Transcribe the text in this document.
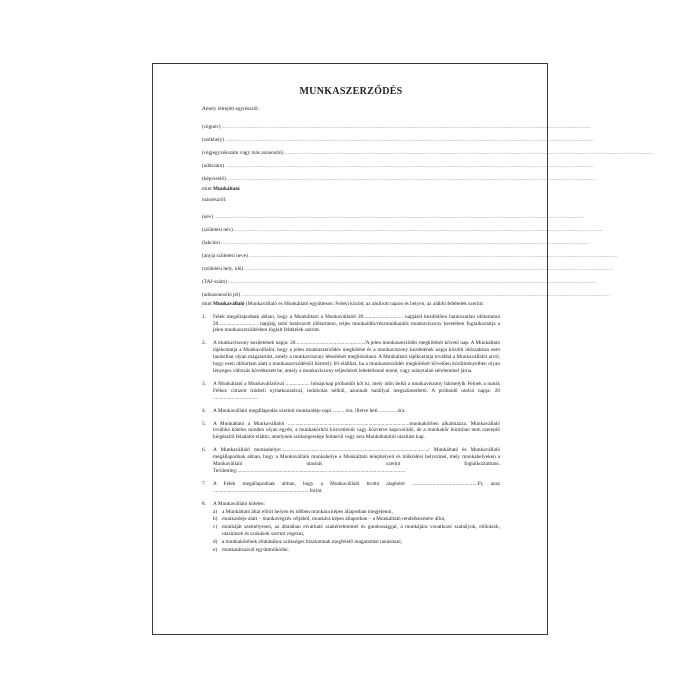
MUNKASZERZŐDÉS
Amely létrejött egyrészről:
(cégnév) ..................................................................................................................................................................................................................................................
(székhely) ..................................................................................................................................................................................................................................................
(cégjegyzékszám vagy más azonosító) ..................................................................................................................................................................................................................................................
(adószám) ..................................................................................................................................................................................................................................................
(képviselő) ..................................................................................................................................................................................................................................................
mint Munkáltató
másrészről:
(név) ..................................................................................................................................................................................................................................................
(születési név) ..................................................................................................................................................................................................................................................
(lakcím) ..................................................................................................................................................................................................................................................
(anyja születési neve) ..................................................................................................................................................................................................................................................
(születési hely, idő) ..................................................................................................................................................................................................................................................
(TAJ-szám) ..................................................................................................................................................................................................................................................
(adóazonosító jel) ..................................................................................................................................................................................................................................................
mint Munkavállaló (Munkavállaló és Munkáltató együttesen: Felek) között, az alulírott napon és helyen, az alábbi feltételek szerint:
1.	Felek megállapodnak abban, hogy a Munkáltató a Munkavállalót 20.............................. napjától kezdődően határozatlan időtartamú 20.............................. napjáig tartó határozott időtartamú, teljes munkaidős/részmunkaidős munkaviszony keretében foglalkoztatja a jelen munkaszerződésben foglalt feltételek szerint.
2.	A munkaviszony kezdetének napja: 20..................................................../A jelen munkaszerződés megkötését követő nap. A Munkáltató tájékoztatja a Munkavállalót, hogy a jelen munkaszerződés megkötése és a munkaviszony kezdetének napja közötti időszakban nem tanúsíthat olyan magatartást, amely a munkaviszony létesítését meghiúsítaná. A Munkáltató tájékoztatja továbbá a Munkavállalót arról, hogy ezen időtartam alatt a munkaszerződéstől bármely fél elállhat, ha a munkaszerződés megkötését követően körülményeiben olyan lényeges változás következett be, amely a munkaviszony teljesítését lehetetlenné tenné, vagy aránytalan sérelemmel járna.
3.	A Munkáltató a Munkavállalóval .................. hónap/nap próbaidőt köt ki, mely időn belül a munkaviszony bármelyik Félnek a másik Félhez címzett írásbeli nyilatkozatával, indokolás nélkül, azonnali hatállyal megszüntethető. A próbaidő utolsó napja: 20 ..................................
4.	A Munkavállaló megállapodás szerinti munkaideje napi ......... óra, illetve heti ............. óra.
5.	A Munkáltató a Munkavállalót ............................................................................................munkakörben alkalmazza. Munkavállaló továbbá köteles minden olyan egyéb, a munkakörhöz közvetlenül vagy közvetve kapcsolódó, de a munkakör leírásban nem szereplő kiegészítő feladatot ellátni, amelynek szükségessége felmerül vagy arra Munkáltatótól utasítást kap.
6.	A Munkavállaló munkahelye:.............................................................................................................../ Munkáltató és Munkavállaló megállapodnak abban, hogy a Munkavállaló munkahelye a Munkáltató telephelyeit és működési helyszínei, mely munkahelyeken a Munkavállaló utasítás szerint foglalkoztatható. Területileg:...............................................................................................................................
7.	A Felek megállapodnak abban, hogy a Munkavállaló bruttó alapbére: .................................................Ft, azaz ........................................................................ forint.
8.	A Munkavállaló köteles:
a) a Munkáltató által előírt helyen és időben munkára képes állapotban megjelenni,
b) munkaideje alatt – munkavégzés céljából, munkára képes állapotban – a Munkáltató rendelkezésére állni,
c) munkáját személyesen, az általában elvárható szakértelemmel és gondossággal, a munkájára vonatkozó szabályok, előírások, utasítások és szokások szerint végezni,
d) a munkakörének ellátásához szükséges bizalomnak megfelelő magatartást tanúsítani,
e) munkatársaival együttműködni.
